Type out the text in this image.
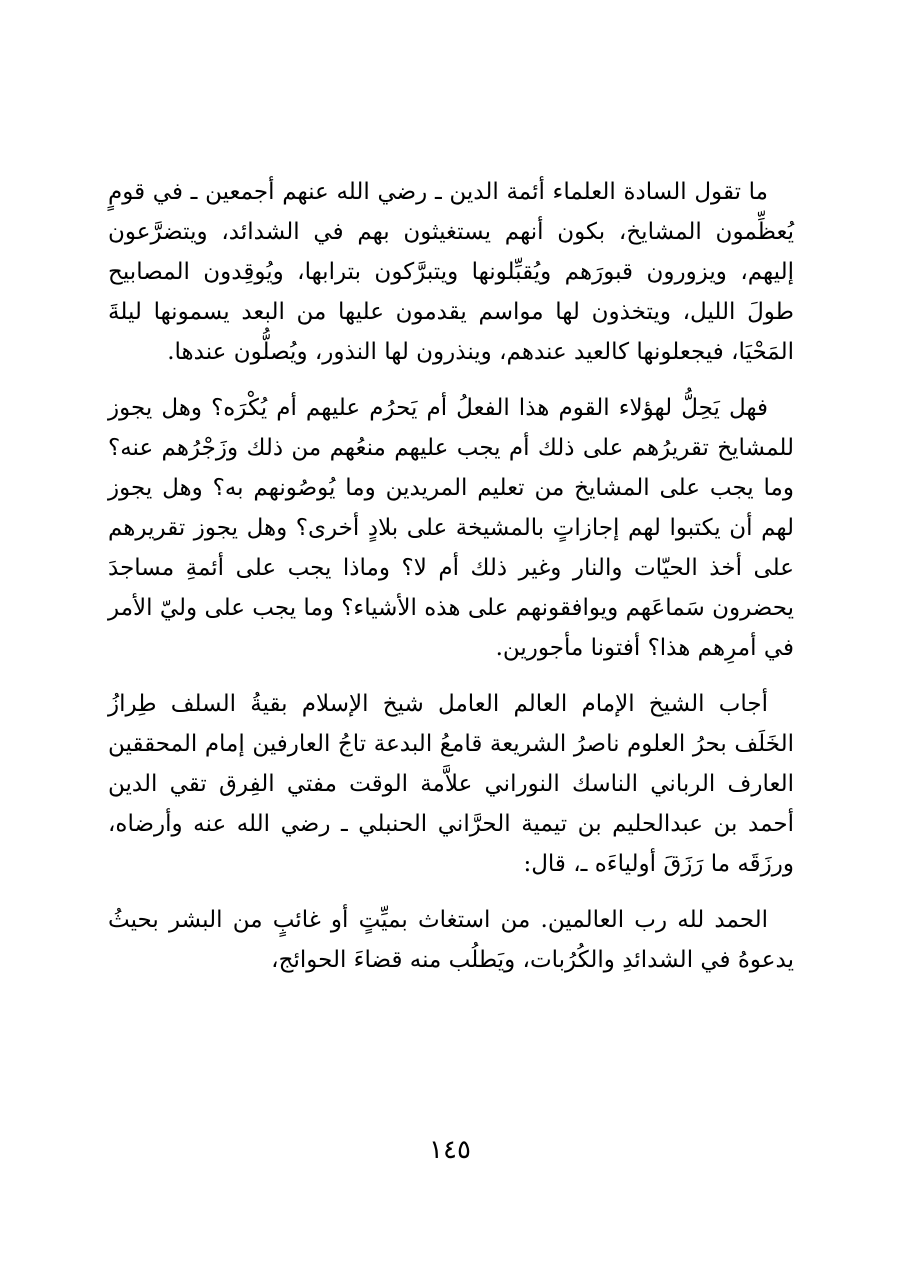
ما تقول السادة العلماء أئمة الدين ـ رضي الله عنهم أجمعين ـ في قومٍ يُعظِّمون المشايخ، بكون أنهم يستغيثون بهم في الشدائد، ويتضرَّعون إليهم، ويزورون قبورَهم ويُقبِّلونها ويتبرَّكون بترابها، ويُوقِدون المصابيح طولَ الليل، ويتخذون لها مواسم يقدمون عليها من البعد يسمونها ليلةَ المَحْيَا، فيجعلونها كالعيد عندهم، وينذرون لها النذور، ويُصلُّون عندها.

فهل يَحِلُّ لهؤلاء القوم هذا الفعلُ أم يَحرُم عليهم أم يُكْرَه؟ وهل يجوز للمشايخ تقريرُهم على ذلك أم يجب عليهم منعُهم من ذلك وزَجْرُهم عنه؟ وما يجب على المشايخ من تعليم المريدين وما يُوصُونهم به؟ وهل يجوز لهم أن يكتبوا لهم إجازاتٍ بالمشيخة على بلادٍ أخرى؟ وهل يجوز تقريرهم على أخذ الحيّات والنار وغير ذلك أم لا؟ وماذا يجب على أئمةِ مساجدَ يحضرون سَماعَهم ويوافقونهم على هذه الأشياء؟ وما يجب على وليّ الأمر في أمرِهم هذا؟ أفتونا مأجورين.

أجاب الشيخ الإمام العالم العامل شيخ الإسلام بقيةُ السلف طِرازُ الخَلَف بحرُ العلوم ناصرُ الشريعة قامعُ البدعة تاجُ العارفين إمام المحققين العارف الرباني الناسك النوراني علاَّمة الوقت مفتي الفِرق تقي الدين أحمد بن عبدالحليم بن تيمية الحرَّاني الحنبلي ـ رضي الله عنه وأرضاه، ورزَقَه ما رَزَقَ أولياءَه ـ، قال:

الحمد لله رب العالمين. من استغاث بميِّتٍ أو غائبٍ من البشر بحيثُ يدعوهُ في الشدائدِ والكُرُبات، ويَطلُب منه قضاءَ الحوائج،

١٤٥
